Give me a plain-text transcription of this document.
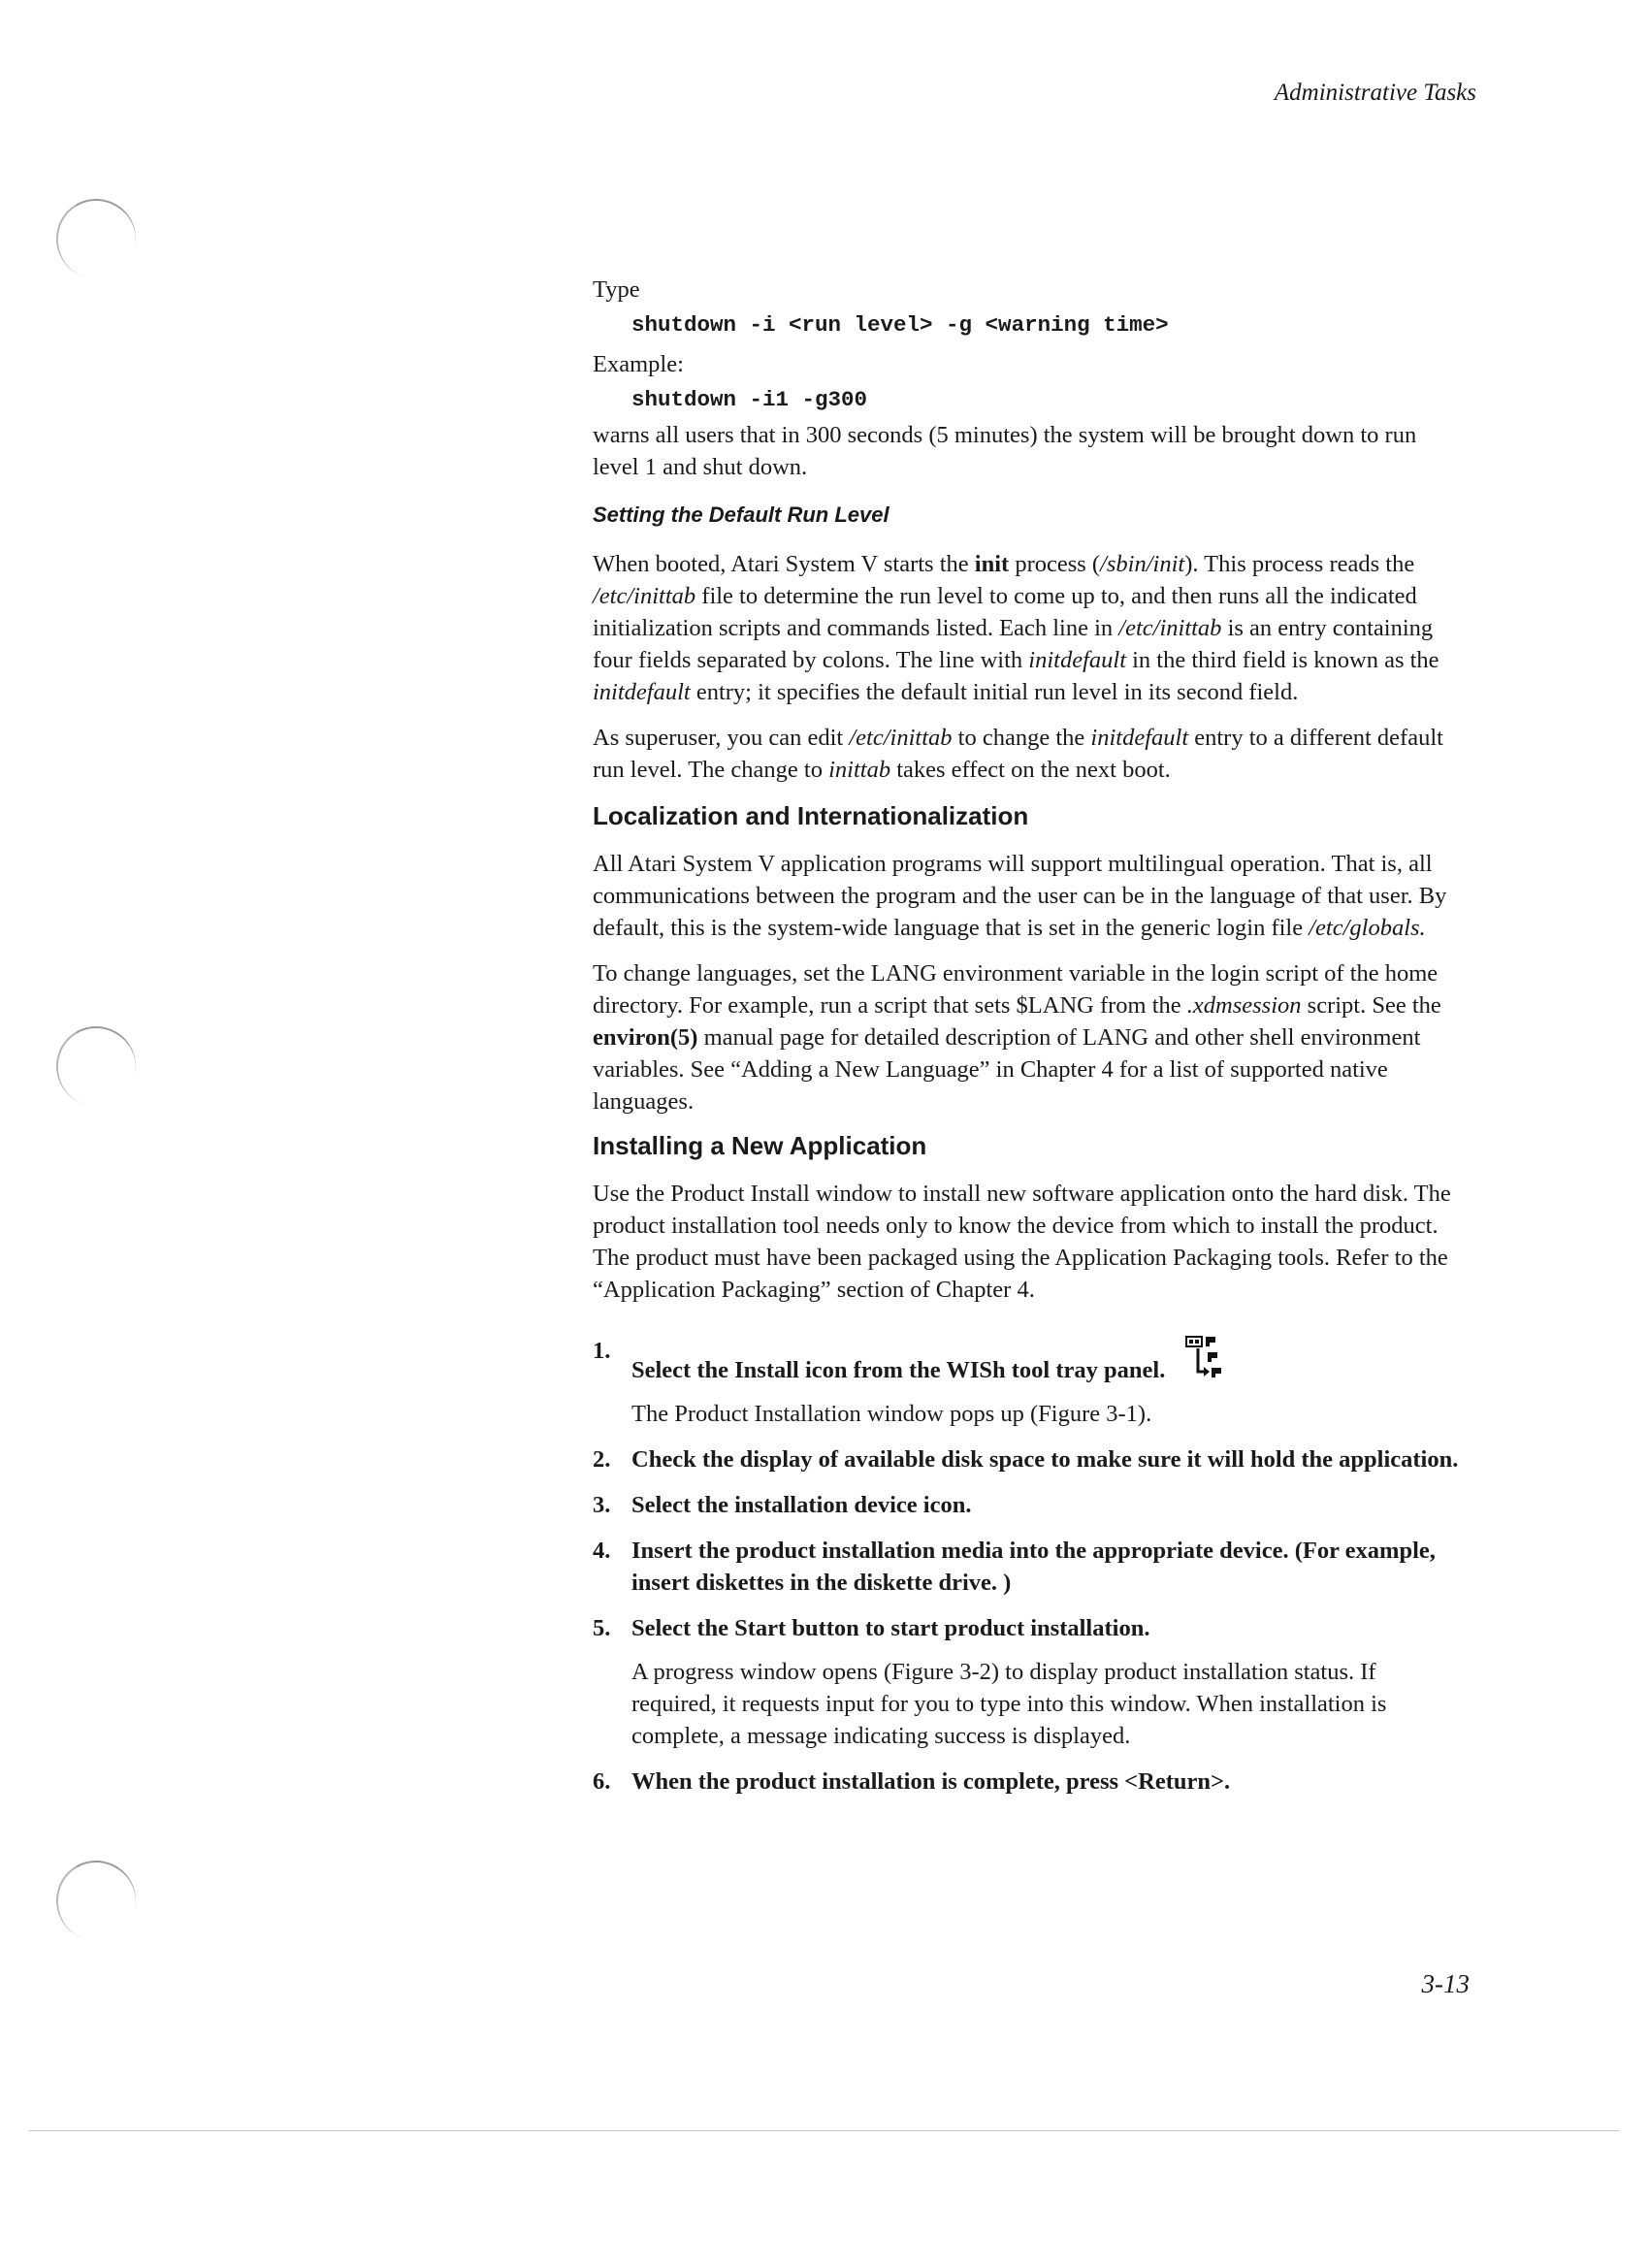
Administrative Tasks

Type

shutdown -i <run level> -g <warning time>

Example:

shutdown -i1 -g300

warns all users that in 300 seconds (5 minutes) the system will be brought down to run level 1 and shut down.

Setting the Default Run Level

When booted, Atari System V starts the init process (/sbin/init). This process reads the /etc/inittab file to determine the run level to come up to, and then runs all the indicated initialization scripts and commands listed. Each line in /etc/inittab is an entry containing four fields separated by colons. The line with initdefault in the third field is known as the initdefault entry; it specifies the default initial run level in its second field.

As superuser, you can edit /etc/inittab to change the initdefault entry to a different default run level. The change to inittab takes effect on the next boot.

Localization and Internationalization

All Atari System V application programs will support multilingual operation. That is, all communications between the program and the user can be in the language of that user. By default, this is the system-wide language that is set in the generic login file /etc/globals.

To change languages, set the LANG environment variable in the login script of the home directory. For example, run a script that sets $LANG from the .xdmsession script. See the environ(5) manual page for detailed description of LANG and other shell environment variables. See “Adding a New Language” in Chapter 4 for a list of supported native languages.

Installing a New Application

Use the Product Install window to install new software application onto the hard disk. The product installation tool needs only to know the device from which to install the product. The product must have been packaged using the Application Packaging tools. Refer to the “Application Packaging” section of Chapter 4.

1.
Select the Install icon from the WISh tool tray panel.
The Product Installation window pops up (Figure 3-1).
2. Check the display of available disk space to make sure it will hold the application.
3. Select the installation device icon.
4. Insert the product installation media into the appropriate device. (For example, insert diskettes in the diskette drive. )
5. Select the Start button to start product installation.
A progress window opens (Figure 3-2) to display product installation status. If required, it requests input for you to type into this window. When installation is complete, a message indicating success is displayed.
6. When the product installation is complete, press <Return>.
3-13
